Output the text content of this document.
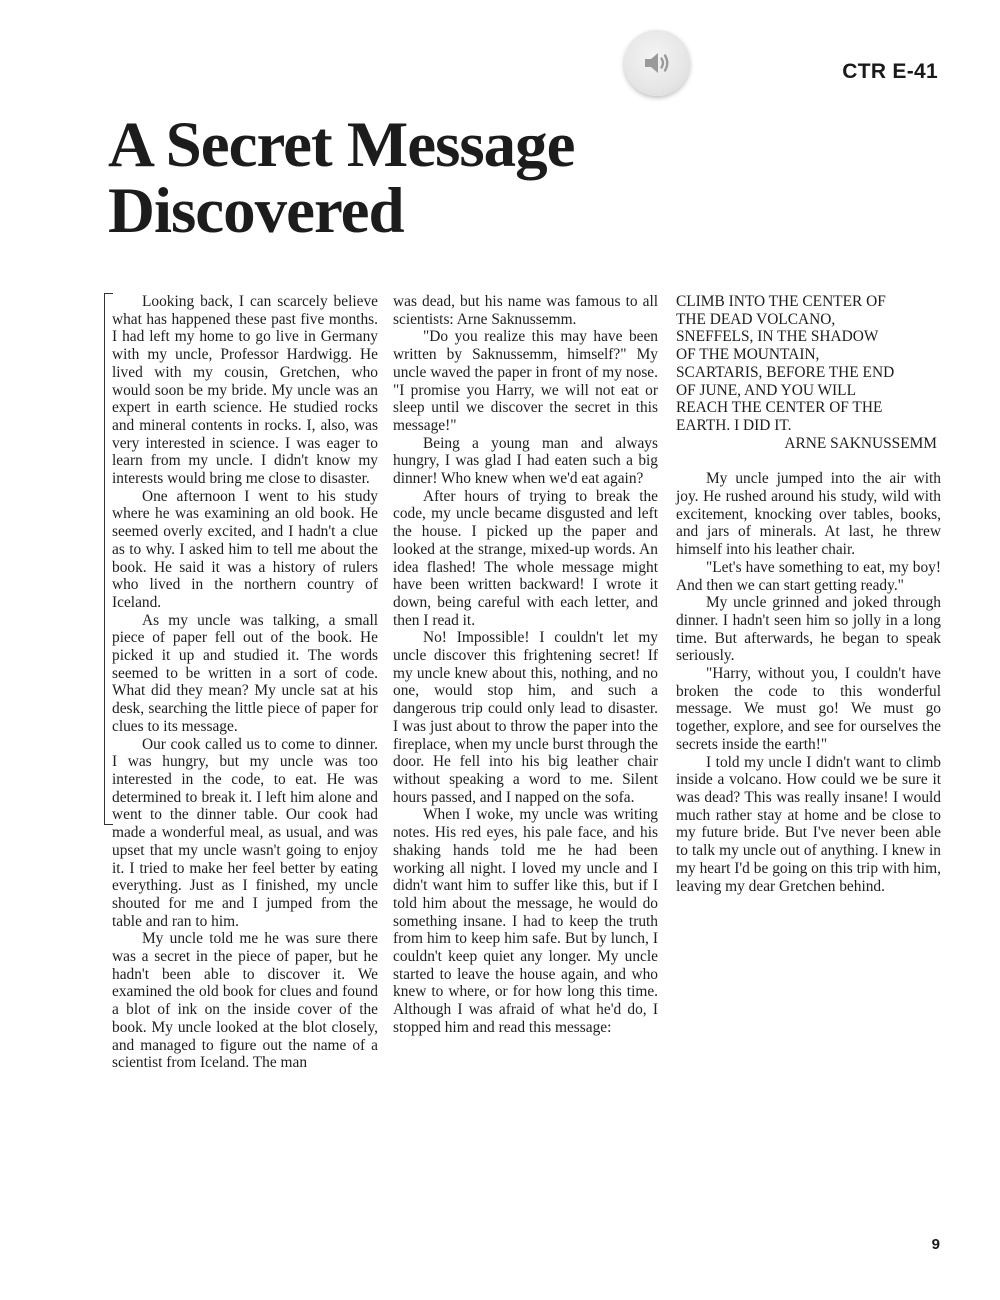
CTR E-41
A Secret Message Discovered

Looking back, I can scarcely believe what has happened these past five months. I had left my home to go live in Germany with my uncle, Professor Hardwigg. He lived with my cousin, Gretchen, who would soon be my bride. My uncle was an expert in earth science. He studied rocks and mineral contents in rocks. I, also, was very interested in science. I was eager to learn from my uncle. I didn't know my interests would bring me close to disaster.

One afternoon I went to his study where he was examining an old book. He seemed overly excited, and I hadn't a clue as to why. I asked him to tell me about the book. He said it was a history of rulers who lived in the northern country of Iceland.

As my uncle was talking, a small piece of paper fell out of the book. He picked it up and studied it. The words seemed to be written in a sort of code. What did they mean? My uncle sat at his desk, searching the little piece of paper for clues to its message.

Our cook called us to come to dinner. I was hungry, but my uncle was too interested in the code, to eat. He was determined to break it. I left him alone and went to the dinner table. Our cook had made a wonderful meal, as usual, and was upset that my uncle wasn't going to enjoy it. I tried to make her feel better by eating everything. Just as I finished, my uncle shouted for me and I jumped from the table and ran to him.

My uncle told me he was sure there was a secret in the piece of paper, but he hadn't been able to discover it. We examined the old book for clues and found a blot of ink on the inside cover of the book. My uncle looked at the blot closely, and managed to figure out the name of a scientist from Iceland. The man

was dead, but his name was famous to all scientists: Arne Saknussemm.

"Do you realize this may have been written by Saknussemm, himself?" My uncle waved the paper in front of my nose. "I promise you Harry, we will not eat or sleep until we discover the secret in this message!"

Being a young man and always hungry, I was glad I had eaten such a big dinner! Who knew when we'd eat again?

After hours of trying to break the code, my uncle became disgusted and left the house. I picked up the paper and looked at the strange, mixed-up words. An idea flashed! The whole message might have been written backward! I wrote it down, being careful with each letter, and then I read it.

No! Impossible! I couldn't let my uncle discover this frightening secret! If my uncle knew about this, nothing, and no one, would stop him, and such a dangerous trip could only lead to disaster. I was just about to throw the paper into the fireplace, when my uncle burst through the door. He fell into his big leather chair without speaking a word to me. Silent hours passed, and I napped on the sofa.

When I woke, my uncle was writing notes. His red eyes, his pale face, and his shaking hands told me he had been working all night. I loved my uncle and I didn't want him to suffer like this, but if I told him about the message, he would do something insane. I had to keep the truth from him to keep him safe. But by lunch, I couldn't keep quiet any longer. My uncle started to leave the house again, and who knew to where, or for how long this time. Although I was afraid of what he'd do, I stopped him and read this message:

CLIMB INTO THE CENTER OF
THE DEAD VOLCANO,
SNEFFELS, IN THE SHADOW
OF THE MOUNTAIN,
SCARTARIS, BEFORE THE END
OF JUNE, AND YOU WILL
REACH THE CENTER OF THE
EARTH. I DID IT.
ARNE SAKNUSSEMM

My uncle jumped into the air with joy. He rushed around his study, wild with excitement, knocking over tables, books, and jars of minerals. At last, he threw himself into his leather chair.

"Let's have something to eat, my boy! And then we can start getting ready."

My uncle grinned and joked through dinner. I hadn't seen him so jolly in a long time. But afterwards, he began to speak seriously.

"Harry, without you, I couldn't have broken the code to this wonderful message. We must go! We must go together, explore, and see for ourselves the secrets inside the earth!"

I told my uncle I didn't want to climb inside a volcano. How could we be sure it was dead? This was really insane! I would much rather stay at home and be close to my future bride. But I've never been able to talk my uncle out of anything. I knew in my heart I'd be going on this trip with him, leaving my dear Gretchen behind.

9
